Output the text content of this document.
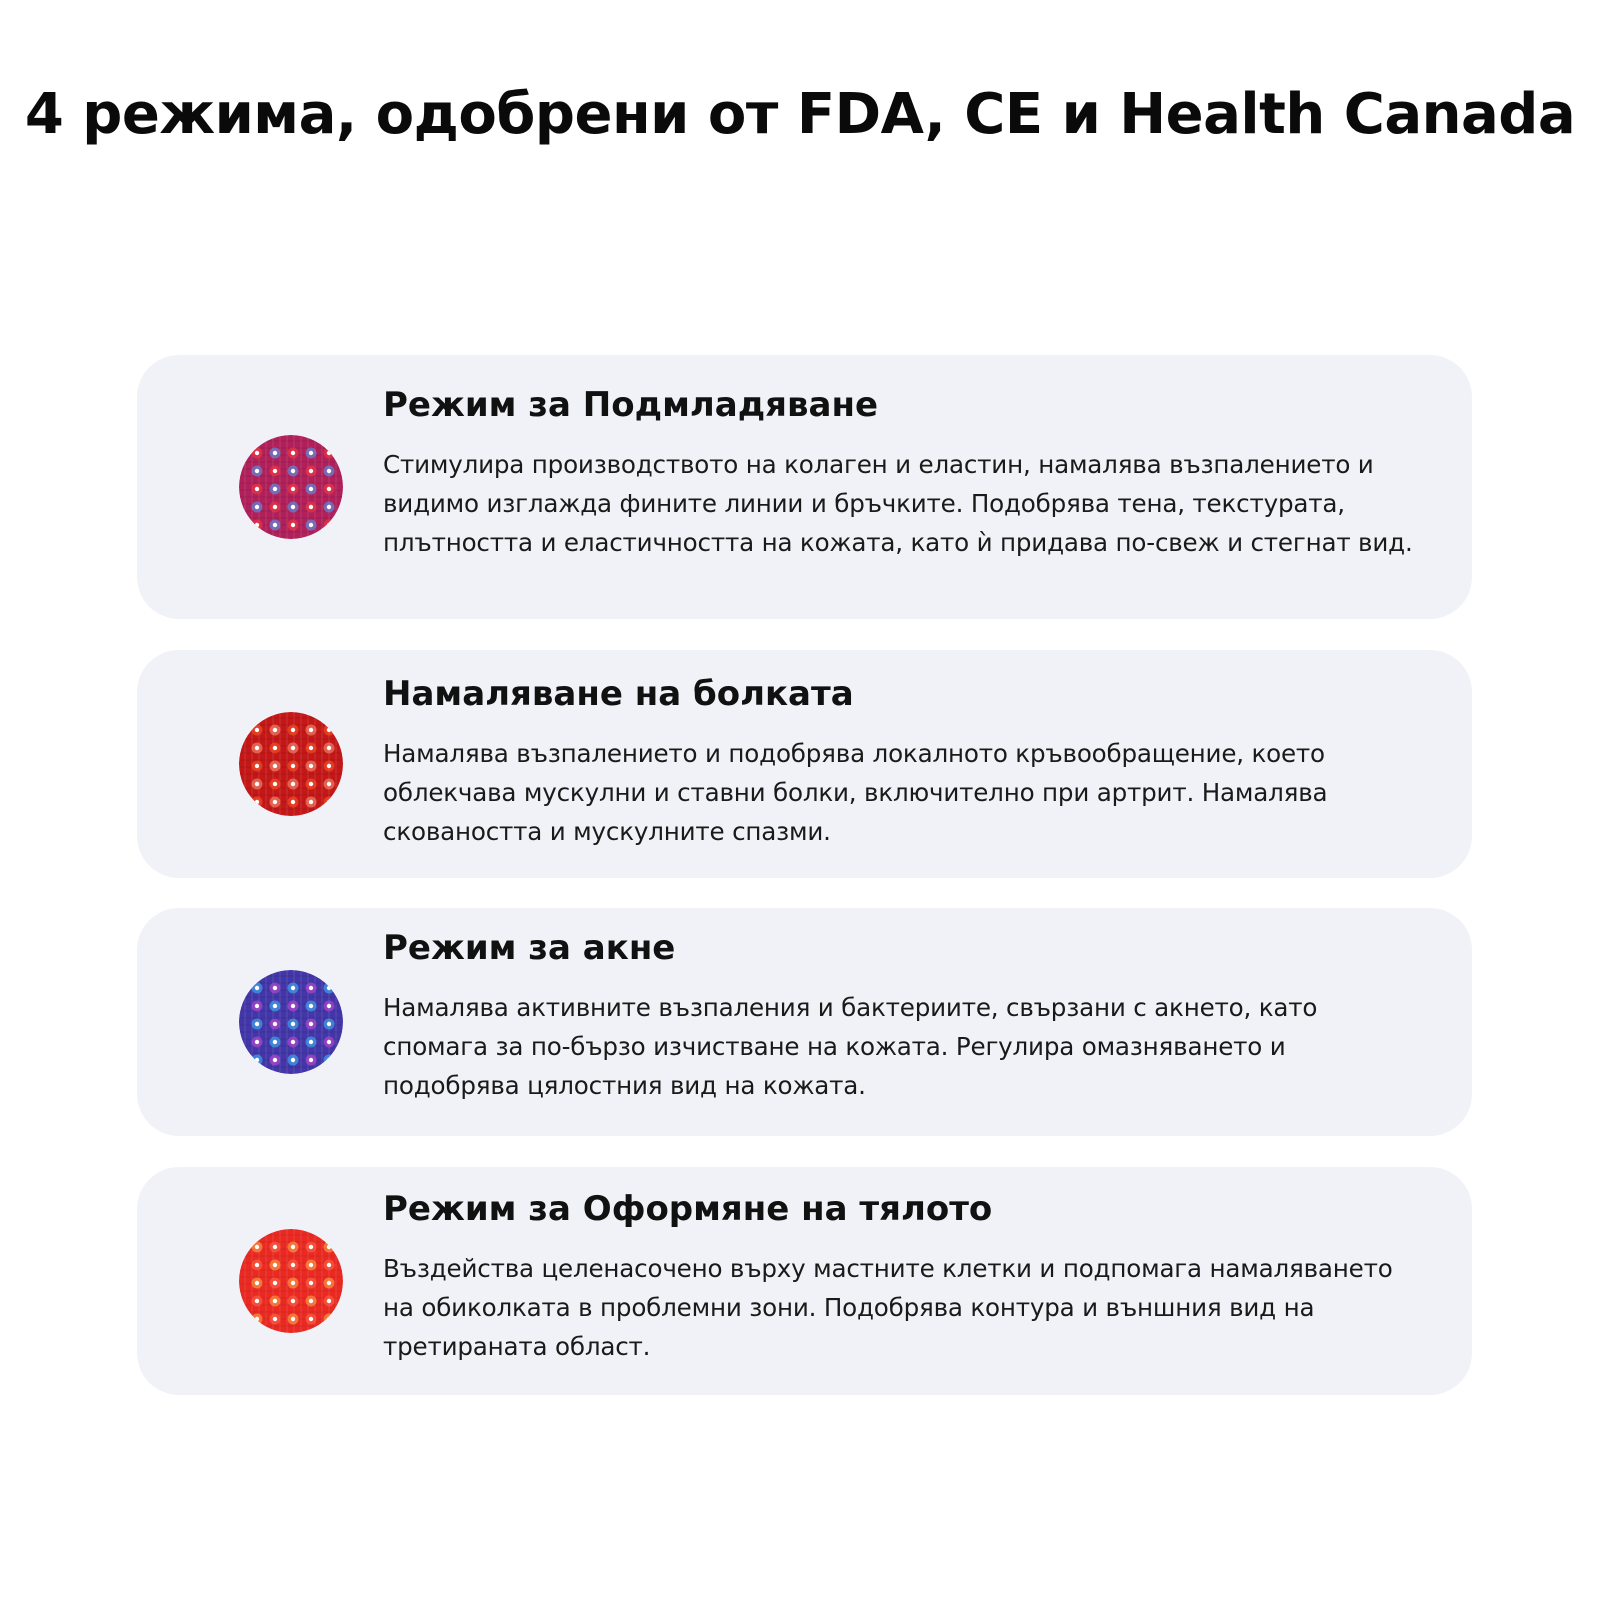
4 режима, одобрени от FDA, CE и Health Canada
Режим за Подмладяване

Стимулира производството на колаген и еластин, намалява възпалението и
видимо изглажда фините линии и бръчките. Подобрява тена, текстурата,
плътността и еластичността на кожата, като ѝ придава по-свеж и стегнат вид.

Намаляване на болката

Намалява възпалението и подобрява локалното кръвообращение, което
облекчава мускулни и ставни болки, включително при артрит. Намалява
сковаността и мускулните спазми.

Режим за акне

Намалява активните възпаления и бактериите, свързани с акнето, като
спомага за по-бързо изчистване на кожата. Регулира омазняването и
подобрява цялостния вид на кожата.

Режим за Оформяне на тялото

Въздейства целенасочено върху мастните клетки и подпомага намаляването
на обиколката в проблемни зони. Подобрява контура и външния вид на
третираната област.
